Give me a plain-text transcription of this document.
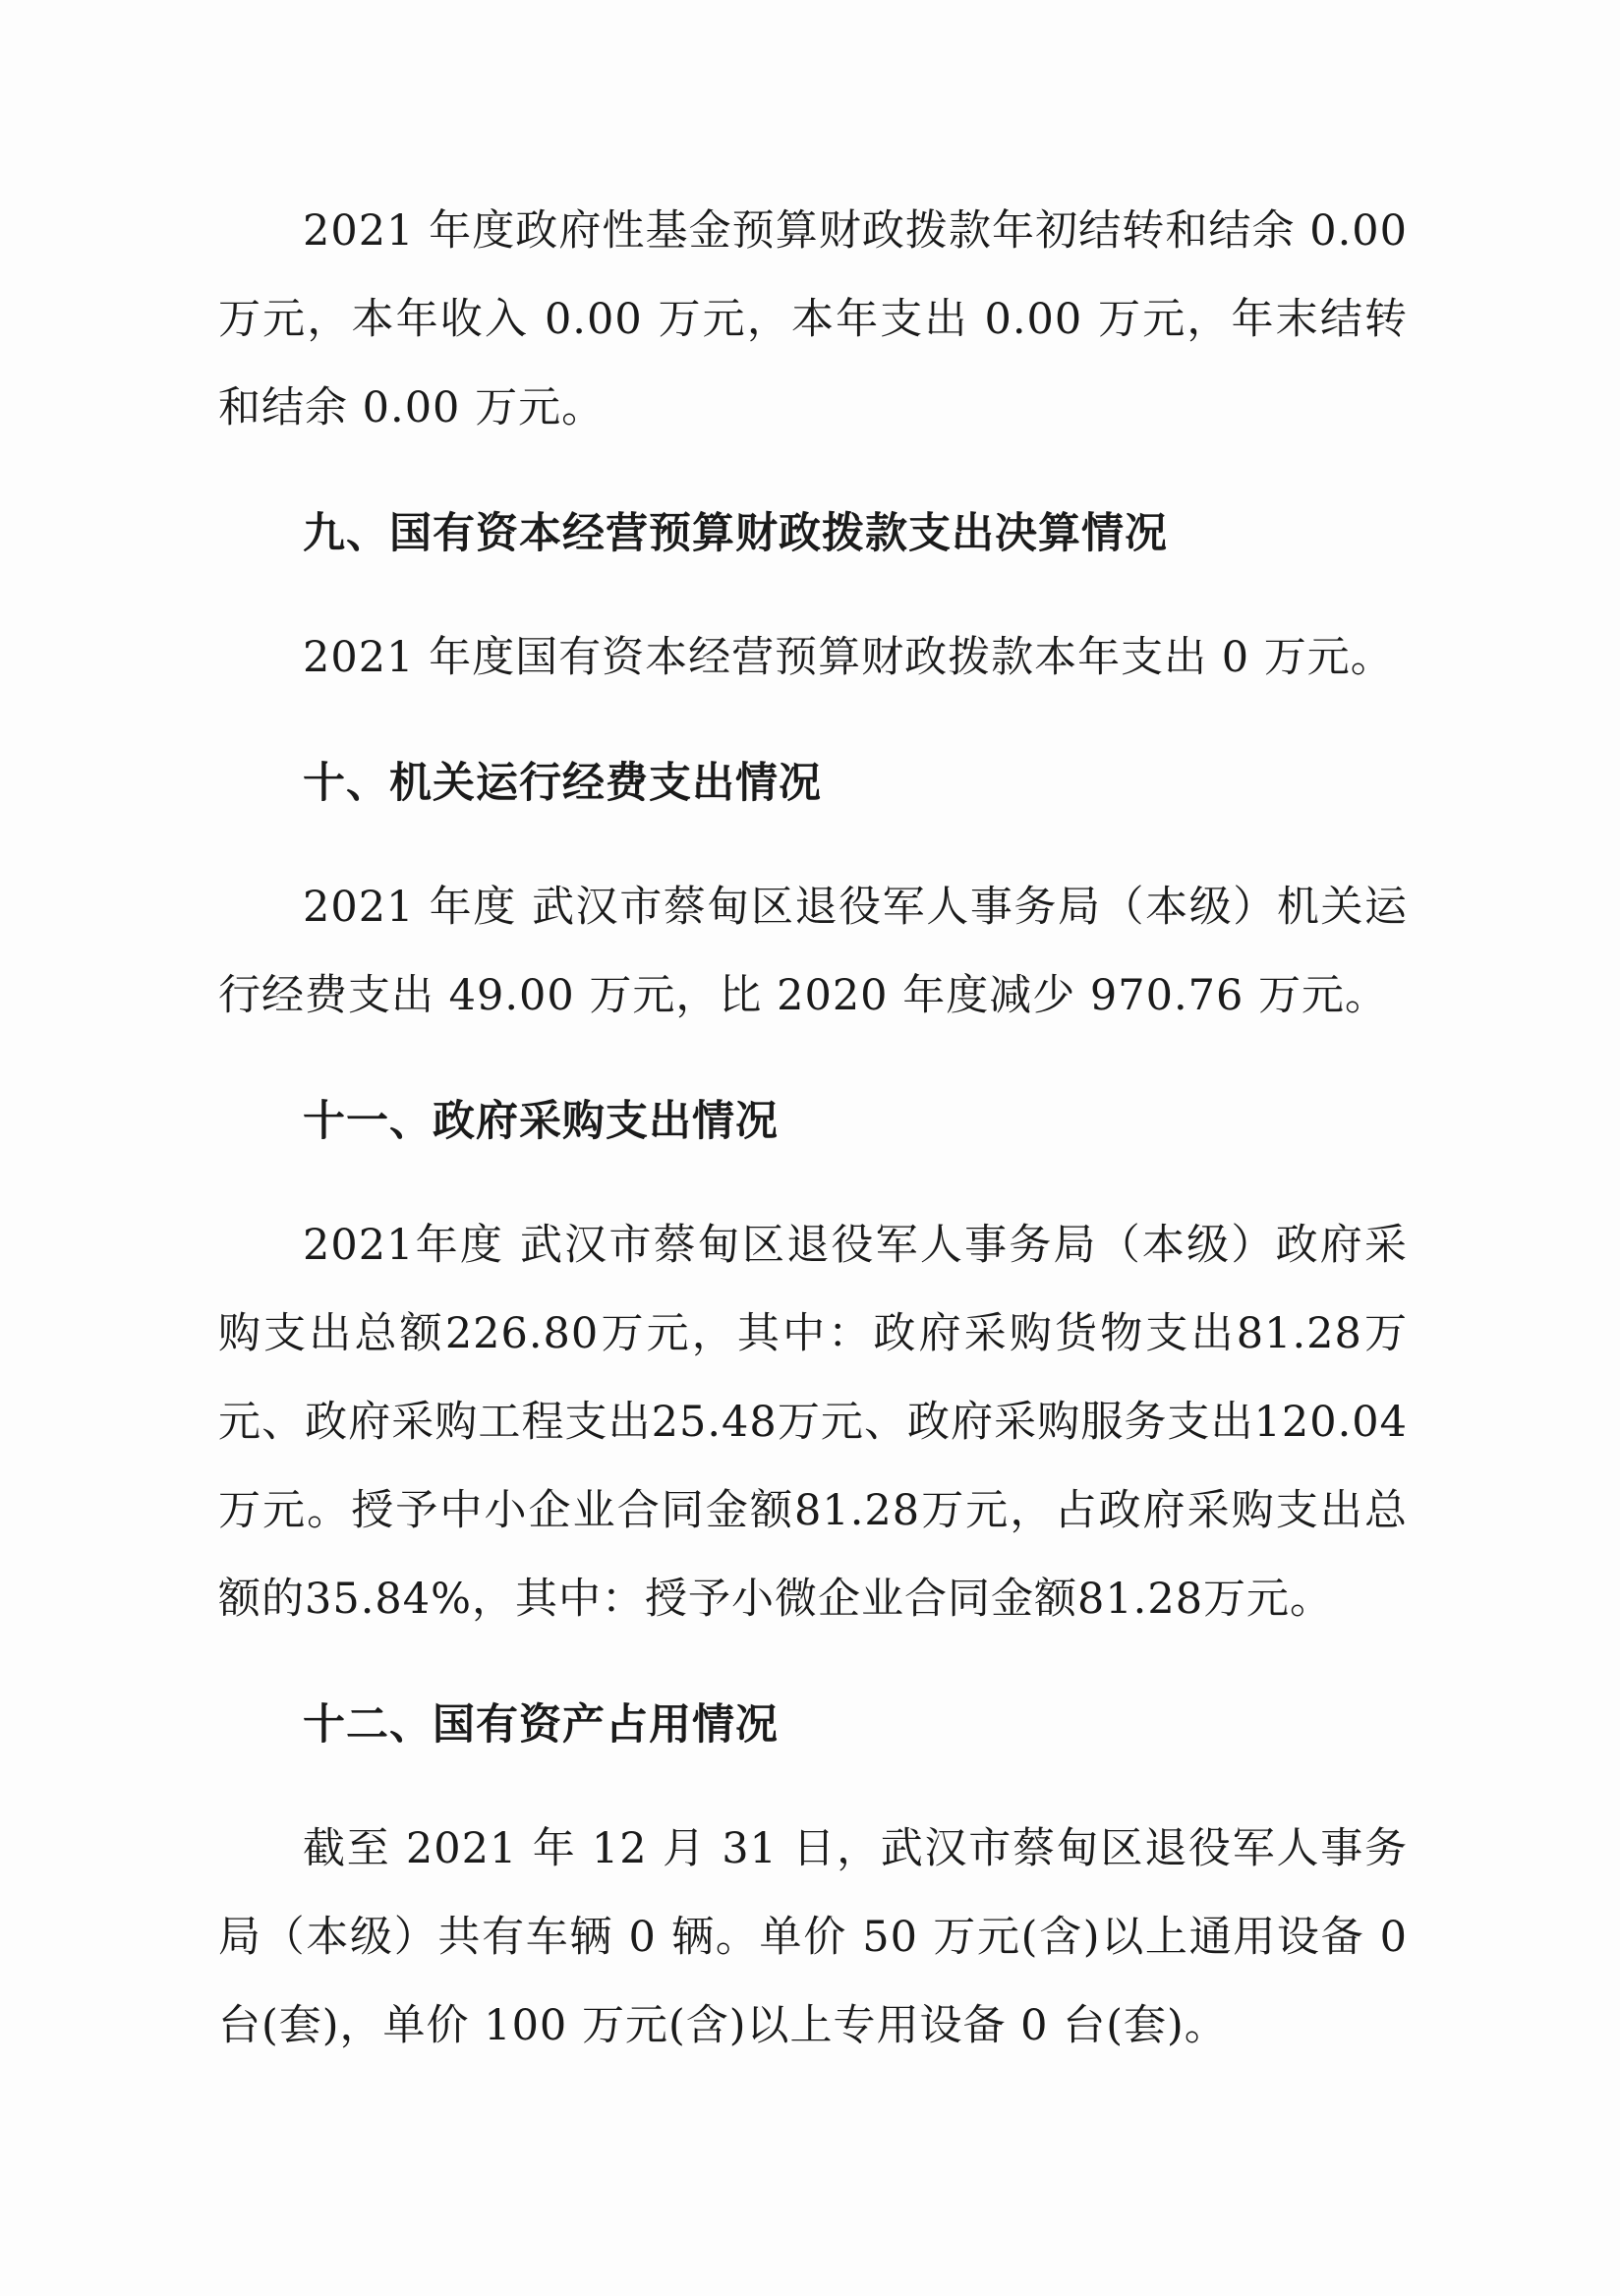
2021 年度政府性基金预算财政拨款年初结转和结余 0.00 万元，本年收入 0.00 万元，本年支出 0.00 万元，年末结转和结余 0.00 万元。

九、国有资本经营预算财政拨款支出决算情况

2021 年度国有资本经营预算财政拨款本年支出 0 万元。

十、机关运行经费支出情况

2021 年度 武汉市蔡甸区退役军人事务局（本级）机关运行经费支出 49.00 万元，比 2020 年度减少 970.76 万元。

十一、政府采购支出情况

2021年度 武汉市蔡甸区退役军人事务局（本级）政府采购支出总额226.80万元，其中：政府采购货物支出81.28万元、政府采购工程支出25.48万元、政府采购服务支出120.04万元。授予中小企业合同金额81.28万元，占政府采购支出总额的35.84%，其中：授予小微企业合同金额81.28万元。

十二、国有资产占用情况

截至 2021 年 12 月 31 日，武汉市蔡甸区退役军人事务局（本级）共有车辆 0 辆。单价 50 万元(含)以上通用设备 0 台(套)，单价 100 万元(含)以上专用设备 0 台(套)。
